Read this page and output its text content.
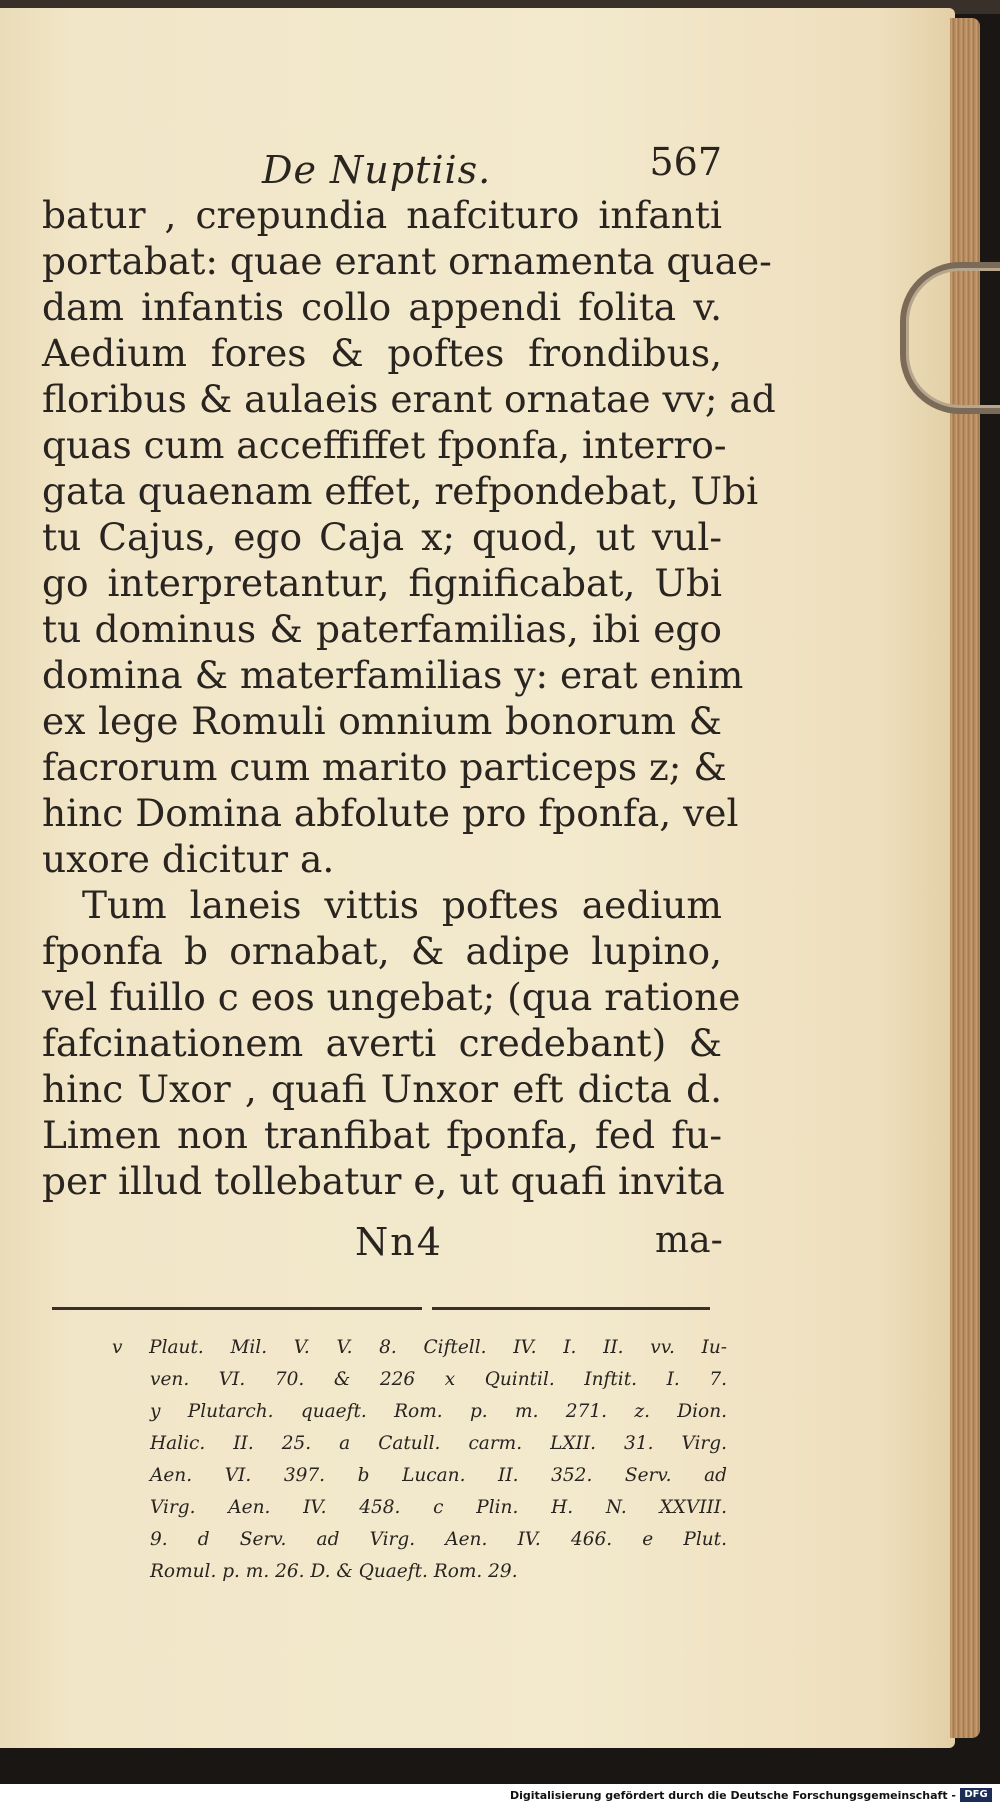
De Nuptiis.	567
batur , crepundia nafcituro infanti
portabat: quae erant ornamenta quae-
dam infantis collo appendi folita v.
Aedium fores & poftes frondibus,
floribus & aulaeis erant ornatae vv; ad
quas cum acceffiffet fponfa, interro-
gata quaenam effet, refpondebat, Ubi
tu Cajus, ego Caja x; quod, ut vul-
go interpretantur, fignificabat, Ubi
tu dominus & paterfamilias, ibi ego
domina & materfamilias y: erat enim
ex lege Romuli omnium bonorum &
facrorum cum marito particeps z; &
hinc Domina abfolute pro fponfa, vel
uxore dicitur a.
Tum laneis vittis poftes aedium
fponfa b ornabat, & adipe lupino,
vel fuillo c eos ungebat; (qua ratione
fafcinationem averti credebant) &
hinc Uxor , quafi Unxor eft dicta d.
Limen non tranfibat fponfa, fed fu-
per illud tollebatur e, ut quafi invita
Nn4	ma-
v Plaut. Mil. V. V. 8. Ciftell. IV. I. II. vv. Iu-
ven. VI. 70. & 226 x Quintil. Inftit. I. 7.
y Plutarch. quaeft. Rom. p. m. 271. z. Dion.
Halic. II. 25. a Catull. carm. LXII. 31. Virg.
Aen. VI. 397. b Lucan. II. 352. Serv. ad
Virg. Aen. IV. 458. c Plin. H. N. XXVIII.
9. d Serv. ad Virg. Aen. IV. 466. e Plut.
Romul. p. m. 26. D. & Quaeft. Rom. 29.
Digitalisierung gefördert durch die Deutsche Forschungsgemeinschaft - DFG
